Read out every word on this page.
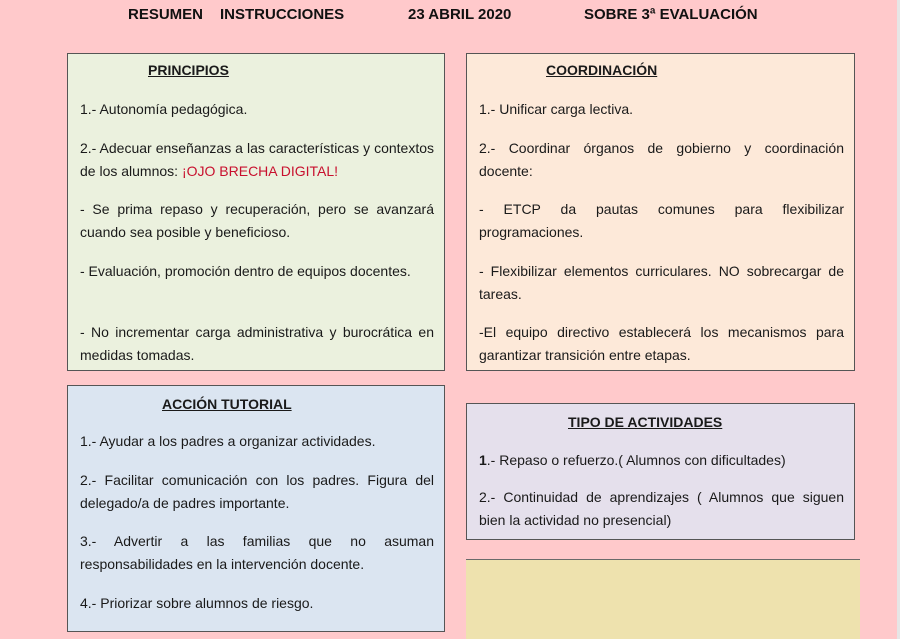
RESUMEN INSTRUCCIONES	23 ABRIL 2020	SOBRE 3ª EVALUACIÓN
PRINCIPIOS

1.- Autonomía pedagógica.

2.- Adecuar enseñanzas a las características y contextos de los alumnos: ¡OJO BRECHA DIGITAL!

- Se prima repaso y recuperación, pero se avanzará cuando sea posible y beneficioso.

- Evaluación, promoción dentro de equipos docentes.

- No incrementar carga administrativa y burocrática en medidas tomadas.

COORDINACIÓN

1.- Unificar carga lectiva.

2.- Coordinar órganos de gobierno y coordinación docente:

- ETCP da pautas comunes para flexibilizar programaciones.

- Flexibilizar elementos curriculares. NO sobrecargar de tareas.

-El equipo directivo establecerá los mecanismos para garantizar transición entre etapas.

ACCIÓN TUTORIAL

1.- Ayudar a los padres a organizar actividades.

2.- Facilitar comunicación con los padres. Figura del delegado/a de padres importante.

3.- Advertir a las familias que no asuman responsabilidades en la intervención docente.

4.- Priorizar sobre alumnos de riesgo.

TIPO DE ACTIVIDADES

1.- Repaso o refuerzo.( Alumnos con dificultades)

2.- Continuidad de aprendizajes ( Alumnos que siguen bien la actividad no presencial)
